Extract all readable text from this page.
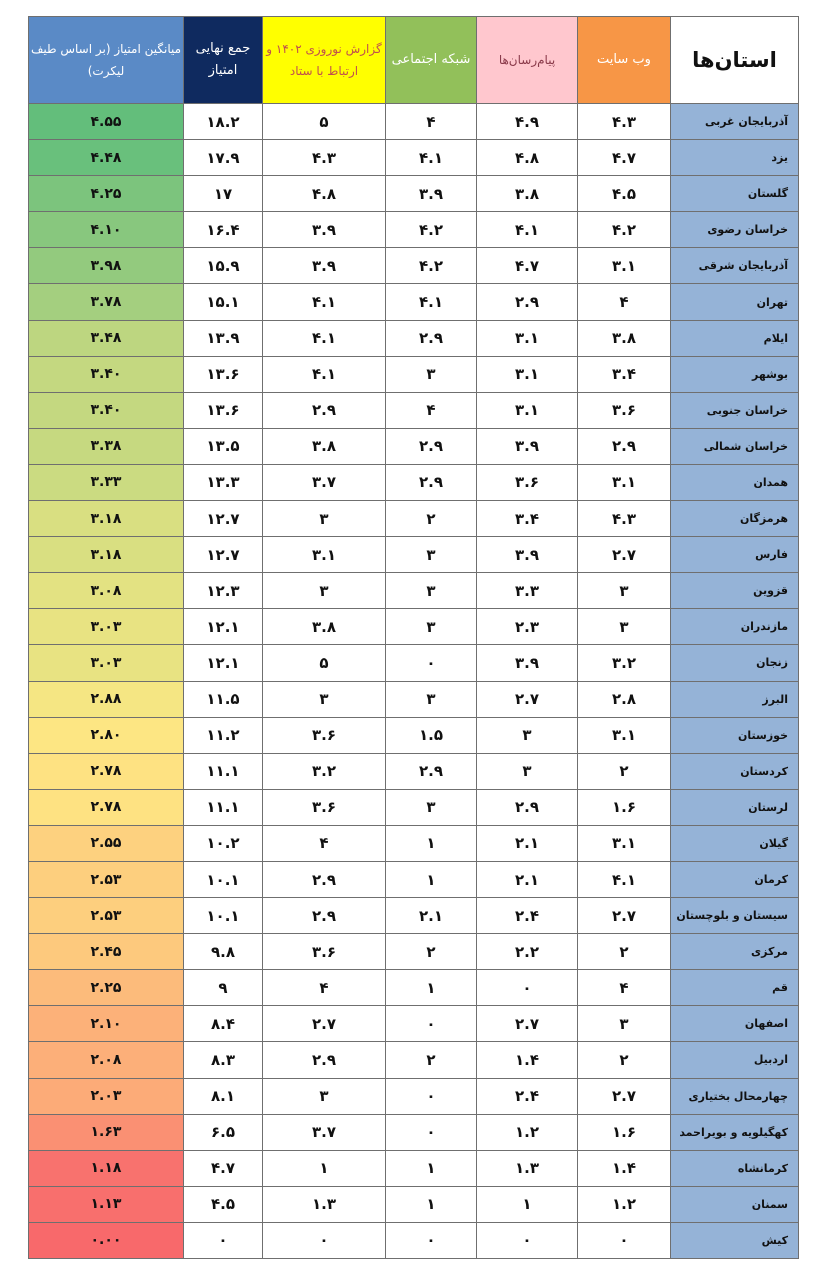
استان‌ها	وب سایت	پیام‌رسان‌ها	شبکه اجتماعی	گزارش نوروزی ۱۴۰۲ و ارتباط با ستاد	جمع نهایی امتیاز	میانگین امتیاز (بر اساس طیف لیکرت)
آذربایجان غربی	۴.۳	۴.۹	۴	۵	۱۸.۲	۴.۵۵
یزد	۴.۷	۴.۸	۴.۱	۴.۳	۱۷.۹	۴.۴۸
گلستان	۴.۵	۳.۸	۳.۹	۴.۸	۱۷	۴.۲۵
خراسان رضوی	۴.۲	۴.۱	۴.۲	۳.۹	۱۶.۴	۴.۱۰
آذربایجان شرقی	۳.۱	۴.۷	۴.۲	۳.۹	۱۵.۹	۳.۹۸
تهران	۴	۲.۹	۴.۱	۴.۱	۱۵.۱	۳.۷۸
ایلام	۳.۸	۳.۱	۲.۹	۴.۱	۱۳.۹	۳.۴۸
بوشهر	۳.۴	۳.۱	۳	۴.۱	۱۳.۶	۳.۴۰
خراسان جنوبی	۳.۶	۳.۱	۴	۲.۹	۱۳.۶	۳.۴۰
خراسان شمالی	۲.۹	۳.۹	۲.۹	۳.۸	۱۳.۵	۳.۳۸
همدان	۳.۱	۳.۶	۲.۹	۳.۷	۱۳.۳	۳.۳۳
هرمزگان	۴.۳	۳.۴	۲	۳	۱۲.۷	۳.۱۸
فارس	۲.۷	۳.۹	۳	۳.۱	۱۲.۷	۳.۱۸
قزوین	۳	۳.۳	۳	۳	۱۲.۳	۳.۰۸
مازندران	۳	۲.۳	۳	۳.۸	۱۲.۱	۳.۰۳
زنجان	۳.۲	۳.۹	۰	۵	۱۲.۱	۳.۰۳
البرز	۲.۸	۲.۷	۳	۳	۱۱.۵	۲.۸۸
خوزستان	۳.۱	۳	۱.۵	۳.۶	۱۱.۲	۲.۸۰
کردستان	۲	۳	۲.۹	۳.۲	۱۱.۱	۲.۷۸
لرستان	۱.۶	۲.۹	۳	۳.۶	۱۱.۱	۲.۷۸
گیلان	۳.۱	۲.۱	۱	۴	۱۰.۲	۲.۵۵
کرمان	۴.۱	۲.۱	۱	۲.۹	۱۰.۱	۲.۵۳
سیستان و بلوچستان	۲.۷	۲.۴	۲.۱	۲.۹	۱۰.۱	۲.۵۳
مرکزی	۲	۲.۲	۲	۳.۶	۹.۸	۲.۴۵
قم	۴	۰	۱	۴	۹	۲.۲۵
اصفهان	۳	۲.۷	۰	۲.۷	۸.۴	۲.۱۰
اردبیل	۲	۱.۴	۲	۲.۹	۸.۳	۲.۰۸
چهارمحال بختیاری	۲.۷	۲.۴	۰	۳	۸.۱	۲.۰۳
کهگیلویه و بویراحمد	۱.۶	۱.۲	۰	۳.۷	۶.۵	۱.۶۳
کرمانشاه	۱.۴	۱.۳	۱	۱	۴.۷	۱.۱۸
سمنان	۱.۲	۱	۱	۱.۳	۴.۵	۱.۱۳
کیش	۰	۰	۰	۰	۰	۰.۰۰
